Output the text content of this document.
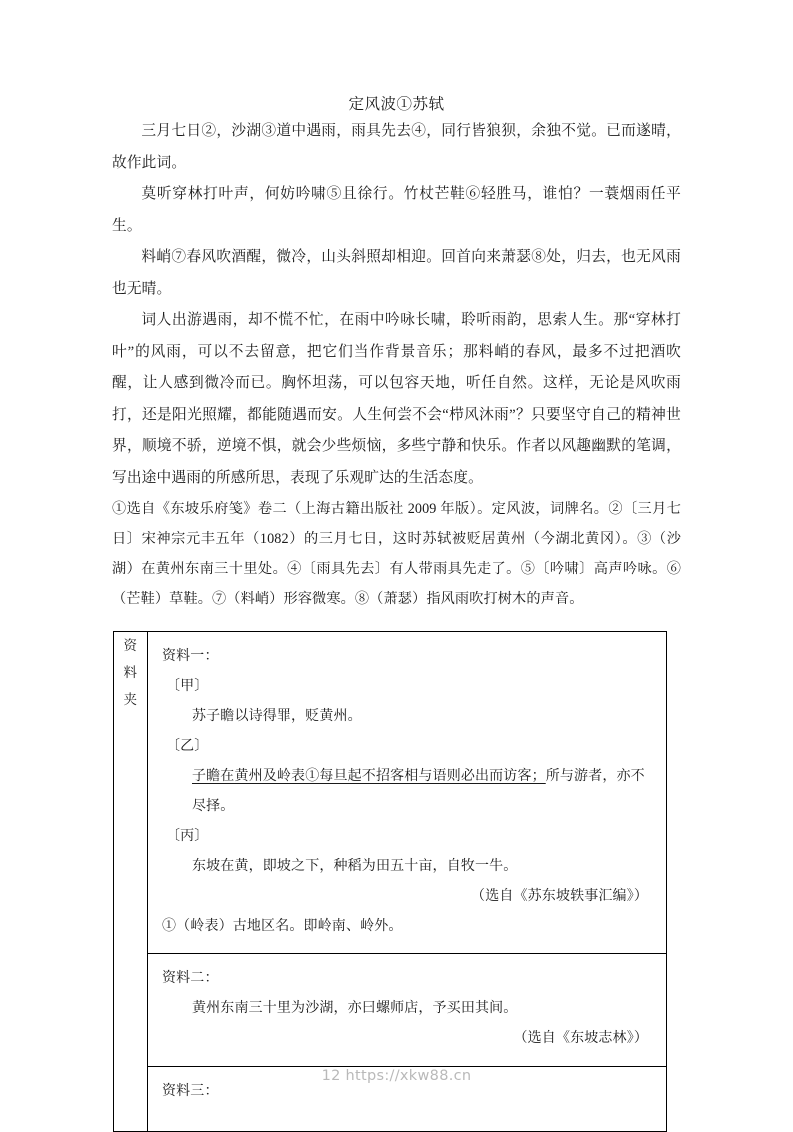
定风波①苏轼

三月七日②，沙湖③道中遇雨，雨具先去④，同行皆狼狈，余独不觉。已而遂晴，故作此词。

莫听穿林打叶声，何妨吟啸⑤且徐行。竹杖芒鞋⑥轻胜马，谁怕？一蓑烟雨任平生。

料峭⑦春风吹酒醒，微冷，山头斜照却相迎。回首向来萧瑟⑧处，归去，也无风雨也无晴。

词人出游遇雨，却不慌不忙，在雨中吟咏长啸，聆听雨韵，思索人生。那“穿林打叶”的风雨，可以不去留意，把它们当作背景音乐；那料峭的春风，最多不过把酒吹醒，让人感到微冷而已。胸怀坦荡，可以包容天地，听任自然。这样，无论是风吹雨打，还是阳光照耀，都能随遇而安。人生何尝不会“栉风沐雨”？只要坚守自己的精神世界，顺境不骄，逆境不惧，就会少些烦恼，多些宁静和快乐。作者以风趣幽默的笔调，写出途中遇雨的所感所思，表现了乐观旷达的生活态度。

①选自《东坡乐府笺》卷二（上海古籍出版社 2009 年版）。定风波，词牌名。②〔三月七日〕宋神宗元丰五年（1082）的三月七日，这时苏轼被贬居黄州（今湖北黄冈）。③（沙湖）在黄州东南三十里处。④〔雨具先去〕有人带雨具先走了。⑤〔吟啸〕高声吟咏。⑥（芒鞋）草鞋。⑦（料峭）形容微寒。⑧（萧瑟）指风雨吹打树木的声音。

资
料
夹	

资料一：

〔甲〕

苏子瞻以诗得罪，贬黄州。

〔乙〕

子瞻在黄州及岭表①每旦起不招客相与语则必出而访客；所与游者，亦不尽择。

〔丙〕

东坡在黄，即坡之下，种稻为田五十亩，自牧一牛。

（选自《苏东坡轶事汇编》）

①（岭表）古地区名。即岭南、岭外。

资料二：

黄州东南三十里为沙湖，亦曰螺师店，予买田其间。

（选自《东坡志林》）

资料三：

12 https://xkw88.cn
